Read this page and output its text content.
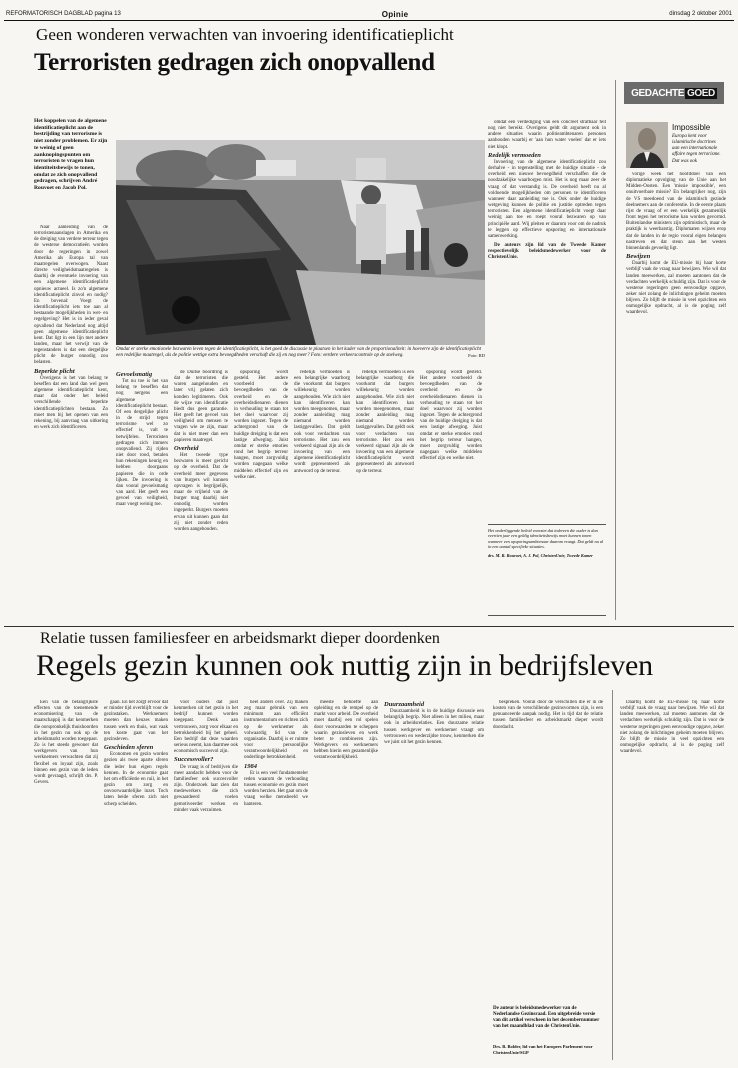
REFORMATORISCH DAGBLAD pagina 13	Opinie	dinsdag 2 oktober 2001
Geen wonderen verwachten van invoering identificatieplicht
Terroristen gedragen zich onopvallend
Het koppelen van de algemene identificatieplicht aan de bestrijding van terrorisme is niet zonder problemen. Er zijn te weinig of geen aanknopingspunten om terroristen te vragen hun identiteitsbewijs te tonen, omdat ze zich onopvallend gedragen, schrijven André Rouvoet en Jacob Pol.

Naar aanleiding van de terroristenaanslagen in Amerika en de dreiging van verdere terreur tegen de westerse democratieën worden door de regeringen in zowel Amerika als Europa tal van maatregelen overwogen. Naast directe veiligheidsmaatregelen is daarbij de eventuele invoering van een algemene identificatieplicht opnieuw actueel. Is zo'n algemene identificatieplicht zinvol en nodig? En bovenal: Voegt de identificatieplicht iets toe aan al bestaande mogelijkheden in wet- en regelgeving? Het is in ieder geval opvallend dat Nederland nog altijd geen algemene identificatieplicht kent. Dat ligt in een lijn met andere landen, maar het verwijt van de tegenstanders is dat een dergelijke plicht de burger onnodig zou belasten.

Beperkte plicht

Overigens is het van belang te beseffen dat een land dan wel geen algemene identificatieplicht kent, maar dat onder het beleid verschillende beperkte identificatieplichten bestaan. Zo moet men bij het openen van een rekening, bij aanvraag van uitkering en werk zich identificeren.

Omdat er sterke emotionele bezwaren leven tegen de identificatieplicht, is het goed de discussie te plaatsen in het kader van de proportionaliteit: in hoeverre zijn de identificatieplicht een redelijke maatregel, als de politie wettige extra bevoegdheden verschaft die zij en nog meer? Foto: eerdere verkeerscontrole op de snelweg.	Foto: RD
Gevoelsmatig

Tot nu toe is het van belang te beseffen dat nog nergens een algemene identificatieplicht bestaat. Of een dergelijke plicht in de strijd tegen terrorisme wel zo effectief is, valt te betwijfelen. Terroristen gedragen zich immers onopvallend. Zij rijden niet door rood, betalen hun rekeningen keurig en hebben doorgaans papieren die in orde lijken. De invoering is dan vooral gevoelsmatig van aard. Het geeft een gevoel van veiligheid, maar voegt weinig toe.

de Duitse boordring is dat de terroristen die waren aangehouden en later vrij gelaten zich konden legitimeren. Ook de wijze van identificatie biedt dus geen garantie. Het geeft het gevoel van veiligheid om mensen te vragen wie ze zijn, maar dat is niet meer dan een papieren maatregel.

Overheid

Het tweede type bezwaren is meer gericht op de overheid. Dat de overheid meer gegevens van burgers wil kunnen opvragen is begrijpelijk, maar de vrijheid van de burger mag daarbij niet onnodig worden ingeperkt. Burgers moeten ervan uit kunnen gaan dat zij niet zonder reden worden aangehouden.

opsporing wordt gesteld. Het andere voorbeeld de bevoegdheden van de overheid en de overheidsdienaren dienen in verhouding te staan tot het doel waarvoor zij worden ingezet. Tegen de achtergrond van de huidige dreiging is dat een lastige afweging. Juist omdat er sterke emoties rond het begrip terreur hangen, moet zorgvuldig worden nagegaan welke middelen effectief zijn en welke niet.

redelijk vermoeden is een belangrijke waarborg die voorkomt dat burgers willekeurig worden aangehouden. Wie zich niet kan identificeren kan worden meegenomen, maar zonder aanleiding mag niemand worden lastiggevallen. Dat geldt ook voor verdachten van terrorisme. Het zou een verkeerd signaal zijn als de invoering van een algemene identificatieplicht wordt gepresenteerd als antwoord op de terreur.

redelijk vermoeden is een belangrijke waarborg die voorkomt dat burgers willekeurig worden aangehouden. Wie zich niet kan identificeren kan worden meegenomen, maar zonder aanleiding mag niemand worden lastiggevallen. Dat geldt ook voor verdachten van terrorisme. Het zou een verkeerd signaal zijn als de invoering van een algemene identificatieplicht wordt gepresenteerd als antwoord op de terreur.

opsporing wordt gesteld. Het andere voorbeeld de bevoegdheden van de overheid en de overheidsdienaren dienen in verhouding te staan tot het doel waarvoor zij worden ingezet. Tegen de achtergrond van de huidige dreiging is dat een lastige afweging. Juist omdat er sterke emoties rond het begrip terreur hangen, moet zorgvuldig worden nagegaan welke middelen effectief zijn en welke niet.

omdat een verdediging van een concreet strafbaar feit nog niet bereikt. Overigens geldt dit argument ook in andere situaties waarin politieambtenaren personen aanhouden waarbij er 'aan hun water voelen' dat er iets niet klopt.

Redelijk vermoeden

Invoering van de algemene identificatieplicht zou derhalve - in tegenstelling met de huidige situatie - de overheid een nieuwe bevoegdheid verschaffen die de noodzakelijke waarborgen mist. Het is nog maar zeer de vraag of dat verstandig is. De overheid heeft nu al voldoende mogelijkheden om personen te identificeren wanneer daar aanleiding toe is. Ook onder de huidige wetgeving kunnen de politie en justitie optreden tegen terroristen. Een algemene identificatieplicht voegt daar weinig aan toe en roept vooral bezwaren op van principiële aard. Wij pleiten er daarom voor om de nadruk te leggen op effectieve opsporing en internationale samenwerking.

De auteurs zijn lid van de Tweede Kamer respectievelijk beleidsmedewerker voor de ChristenUnie.

Het onderliggende beleid voorziet dat iedereen die ouder is dan veertien jaar een geldig identiteitsbewijs moet kunnen tonen wanneer een opsporingsambtenaar daarom vraagt. Dat geldt nu al in een aantal specifieke situaties.

drs. M. R. Rouvoet, A. J. Pol, ChristenUnie, Tweede Kamer

GEDACHTE GOED
Impossible
Europa kent voor islamitische doctrines aan een internationale affaire tegen terrorisme. Dat was ook

vorige week het hoofddoel van een diplomatieke opvolging van de Unie aan het Midden-Oosten. Een 'missie impossible', een onuitvoerbare missie? En belangrijker nog, zijn de VS meedoend van de islamitisch gezinde deelnemers aan de conferentie. In de eerste plaats rijst de vraag of er een werkelijk gezamenlijk front tegen het terrorisme kan worden gevormd. Buitenlandse ministers zijn optimistisch, maar de praktijk is weerbarstig. Diplomaten wijzen erop dat de landen in de regio vooral eigen belangen nastreven en dat steun aan het westen binnenlands gevoelig ligt.

Bewijzen

Daarbij komt de EU-missie bij haar korte verblijf vaak de vraag naar bewijzen. Wie wil dat landen meewerken, zal moeten aantonen dat de verdachten werkelijk schuldig zijn. Dat is voor de westerse regeringen geen eenvoudige opgave, zeker niet zolang de inlichtingen geheim moeten blijven. Zo blijft de missie in veel opzichten een onmogelijke opdracht, al is de poging zelf waardevol.

Relatie tussen familiesfeer en arbeidsmarkt dieper doordenken
Regels gezin kunnen ook nuttig zijn in bedrijfsleven

Een van de belangrijkste effecten van de toenemende economisering van de maatschappij is dat kenmerken die oorspronkelijk thuishoorden in het gezin nu ook op de arbeidsmarkt worden toegepast. Zo is het steeds gewoner dat werkgevers van hun werknemers verwachten dat zij flexibel en loyaal zijn, zoals binnen een gezin van de leden wordt gevraagd, schrijft drs. P. Gevers.

gaan. En het zorgt ervoor dat er minder tijd overblijft voor de gezinstaken. Werknemers moeten dan keuzes maken tussen werk en thuis, wat vaak ten koste gaat van het gezinsleven.

Geschieden sferen

Economen en gezin worden gezien als twee aparte sferen die ieder hun eigen regels kennen. In de economie gaat het om efficiëntie en ruil, in het gezin om zorg en onvoorwaardelijke inzet. Toch laten beide sferen zich niet scherp scheiden.

voor ouders dat juist kenmerken uit het gezin in het bedrijf kunnen worden toegepast. Denk aan vertrouwen, zorg voor elkaar en betrokkenheid bij het geheel. Een bedrijf dat deze waarden serieus neemt, kan daarmee ook economisch succesvol zijn.

Successvoller?

De vraag is of bedrijven die meer aandacht hebben voor de familiesfeer ook succesvoller zijn. Onderzoek laat zien dat medewerkers die zich gewaardeerd voelen gemotiveerder werken en minder vaak verzuimen.

heel anders over. Zij maken zeg maar gebruik van een minimum aan efficiënt instrumentarium en richten zich op de werknemer als volwaardig lid van de organisatie. Daarbij is er ruimte voor persoonlijke verantwoordelijkheid en onderlinge betrokkenheid.

1984

Er is een veel fundamenteler reden waarom de verhouding tussen economie en gezin moet worden herzien. Het gaat om de vraag welke mensbeeld we hanteren.

meeste behoefte aan opleiding en de rempel op de markt voor arbeid. De overheid moet daarbij een rol spelen door voorwaarden te scheppen waarin gezinsleven en werk beter te combineren zijn. Werkgevers en werknemers hebben hierin een gezamenlijke verantwoordelijkheid.

Duurzaamheid

Duurzaamheid is in de huidige discussie een belangrijk begrip. Niet alleen in het milieu, maar ook in arbeidsrelaties. Een duurzame relatie tussen werkgever en werknemer vraagt om vertrouwen en wederzijdse trouw, kenmerken die we juist uit het gezin kennen.

bespreken. Vooral door de verschillen die er in de kosten van de verschillende gezinsvormen zijn, is een genuanceerde aanpak nodig. Het is tijd dat de relatie tussen familiesfeer en arbeidsmarkt dieper wordt doordacht.

De auteur is beleidsmedewerker van de Nederlandse Gezinsraad. Een uitgebreide versie van dit artikel verscheen in het decembernummer van het maandblad van de ChristenUnie.
Drs. B. Bolder, lid van het Europees Parlement voor ChristenUnie/SGP

Daarbij komt de EU-missie bij haar korte verblijf vaak de vraag naar bewijzen. Wie wil dat landen meewerken, zal moeten aantonen dat de verdachten werkelijk schuldig zijn. Dat is voor de westerse regeringen geen eenvoudige opgave, zeker niet zolang de inlichtingen geheim moeten blijven. Zo blijft de missie in veel opzichten een onmogelijke opdracht, al is de poging zelf waardevol.
